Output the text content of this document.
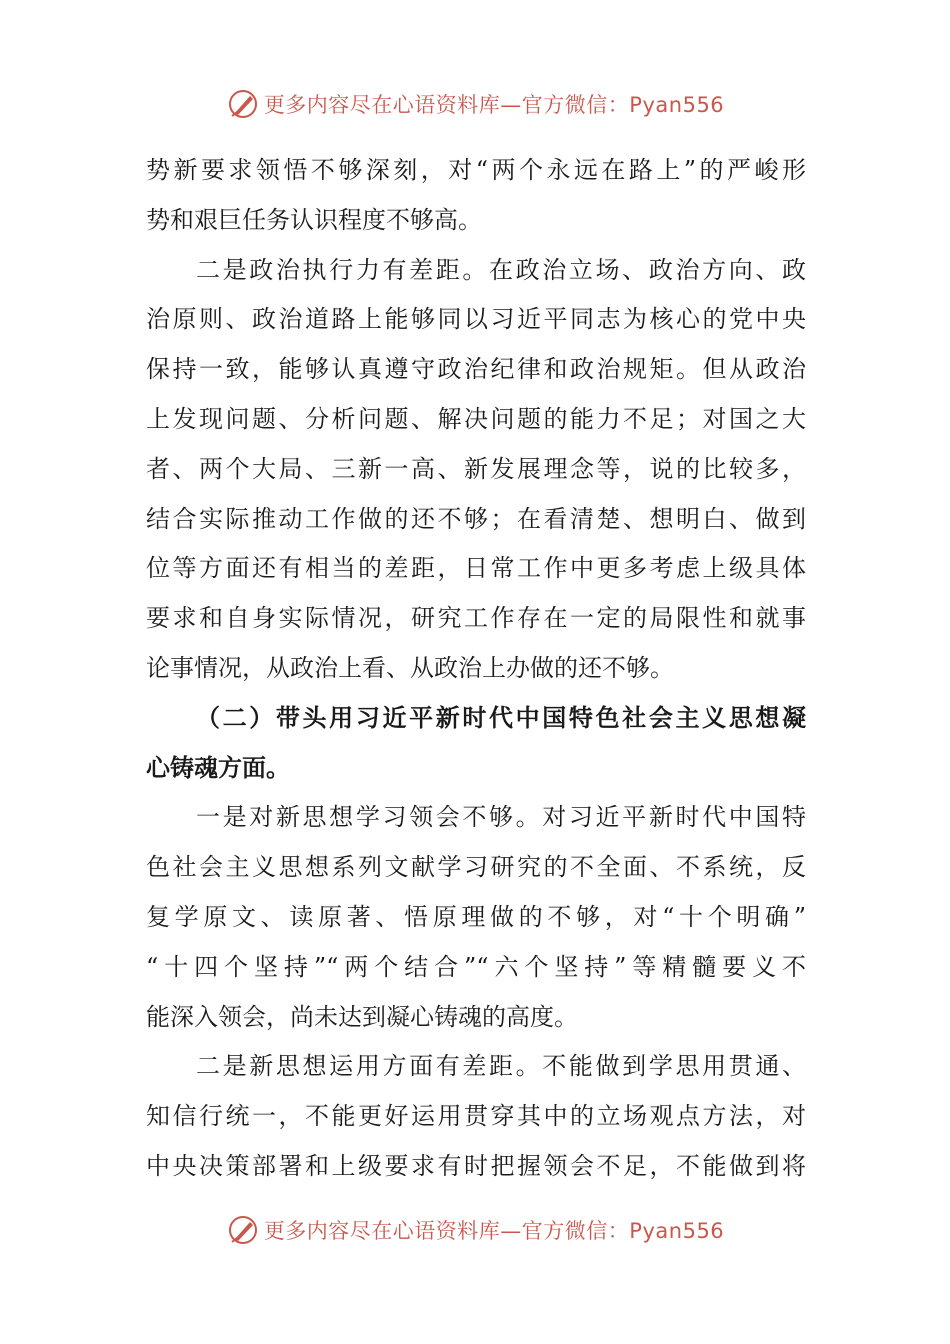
更多内容尽在心语资料库—官方微信：Pyan556
势新要求领悟不够深刻，对“两个永远在路上”的严峻形
势和艰巨任务认识程度不够高。
二是政治执行力有差距。在政治立场、政治方向、政
治原则、政治道路上能够同以习近平同志为核心的党中央
保持一致，能够认真遵守政治纪律和政治规矩。但从政治
上发现问题、分析问题、解决问题的能力不足；对国之大
者、两个大局、三新一高、新发展理念等，说的比较多，
结合实际推动工作做的还不够；在看清楚、想明白、做到
位等方面还有相当的差距，日常工作中更多考虑上级具体
要求和自身实际情况，研究工作存在一定的局限性和就事
论事情况，从政治上看、从政治上办做的还不够。
（二）带头用习近平新时代中国特色社会主义思想凝
心铸魂方面。
一是对新思想学习领会不够。对习近平新时代中国特
色社会主义思想系列文献学习研究的不全面、不系统，反
复学原文、读原著、悟原理做的不够，对“十个明确”
“十四个坚持”“两个结合”“六个坚持”等精髓要义不
能深入领会，尚未达到凝心铸魂的高度。
二是新思想运用方面有差距。不能做到学思用贯通、
知信行统一，不能更好运用贯穿其中的立场观点方法，对
中央决策部署和上级要求有时把握领会不足，不能做到将
更多内容尽在心语资料库—官方微信：Pyan556
